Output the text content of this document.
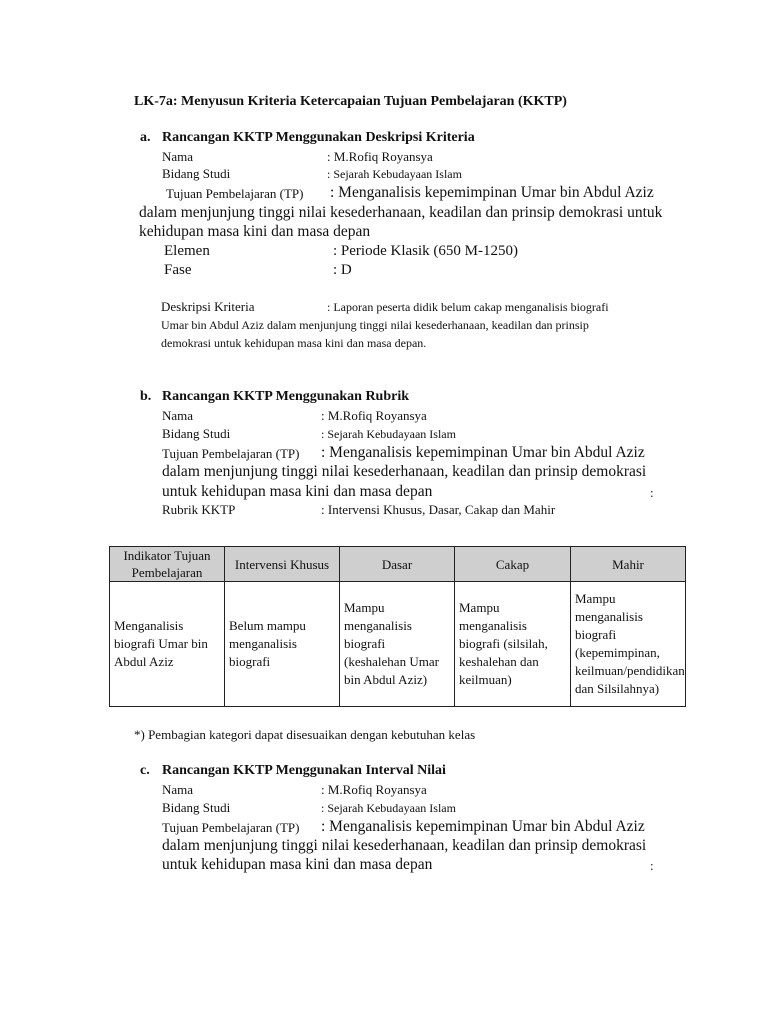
LK-7a: Menyusun Kriteria Ketercapaian Tujuan Pembelajaran (KKTP)
a. Rancangan KKTP Menggunakan Deskripsi Kriteria
Nama	: M.Rofiq Royansya
Bidang Studi	: Sejarah Kebudayaan Islam
Tujuan Pembelajaran (TP) : Menganalisis kepemimpinan Umar bin Abdul Aziz
dalam menjunjung tinggi nilai kesederhanaan, keadilan dan prinsip demokrasi untuk
kehidupan masa kini dan masa depan
Elemen	: Periode Klasik (650 M-1250)
Fase	: D
Deskripsi Kriteria	: Laporan peserta didik belum cakap menganalisis biografi
Umar bin Abdul Aziz dalam menjunjung tinggi nilai kesederhanaan, keadilan dan prinsip
demokrasi untuk kehidupan masa kini dan masa depan.
b. Rancangan KKTP Menggunakan Rubrik
Nama	: M.Rofiq Royansya
Bidang Studi	: Sejarah Kebudayaan Islam
Tujuan Pembelajaran (TP) : Menganalisis kepemimpinan Umar bin Abdul Aziz
dalam menjunjung tinggi nilai kesederhanaan, keadilan dan prinsip demokrasi
untuk kehidupan masa kini dan masa depan	:
Rubrik KKTP	: Intervensi Khusus, Dasar, Cakap dan Mahir
Indikator Tujuan Pembelajaran	Intervensi Khusus	Dasar	Cakap	Mahir
Menganalisis biografi Umar bin Abdul Aziz	Belum mampu menganalisis biografi	Mampu menganalisis biografi (keshalehan Umar bin Abdul Aziz)	Mampu menganalisis biografi (silsilah, keshalehan dan keilmuan)	Mampu menganalisis biografi (kepemimpinan, keilmuan/pendidikan dan Silsilahnya)
*) Pembagian kategori dapat disesuaikan dengan kebutuhan kelas
c. Rancangan KKTP Menggunakan Interval Nilai
Nama	: M.Rofiq Royansya
Bidang Studi	: Sejarah Kebudayaan Islam
Tujuan Pembelajaran (TP) : Menganalisis kepemimpinan Umar bin Abdul Aziz
dalam menjunjung tinggi nilai kesederhanaan, keadilan dan prinsip demokrasi
untuk kehidupan masa kini dan masa depan	:
